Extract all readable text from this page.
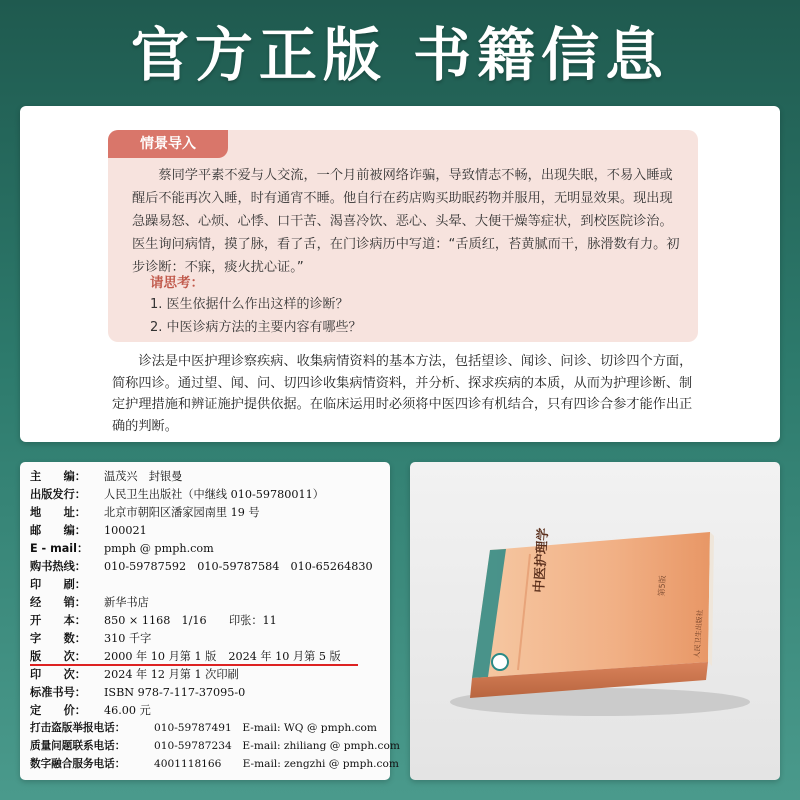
官方正版 书籍信息
情景导入
蔡同学平素不爱与人交流，一个月前被网络诈骗，导致情志不畅，出现失眠，不易入睡或醒后不能再次入睡，时有通宵不睡。他自行在药店购买助眠药物并服用，无明显效果。现出现急躁易怒、心烦、心悸、口干苦、渴喜冷饮、恶心、头晕、大便干燥等症状，到校医院诊治。医生询问病情，摸了脉，看了舌，在门诊病历中写道：“舌质红，苔黄腻而干，脉滑数有力。初步诊断：不寐，痰火扰心证。”
请思考：
1. 医生依据什么作出这样的诊断？
2. 中医诊病方法的主要内容有哪些？
诊法是中医护理诊察疾病、收集病情资料的基本方法，包括望诊、闻诊、问诊、切诊四个方面，简称四诊。通过望、闻、问、切四诊收集病情资料，并分析、探求疾病的本质，从而为护理诊断、制定护理措施和辨证施护提供依据。在临床运用时必须将中医四诊有机结合，只有四诊合参才能作出正确的判断。
主　　编： 温茂兴　封银曼
出版发行： 人民卫生出版社（中继线 010-59780011）
地　　址： 北京市朝阳区潘家园南里 19 号
邮　　编： 100021
E - mail： pmph @ pmph.com
购书热线： 010-59787592　010-59787584　010-65264830
印　　刷：
经　　销： 新华书店
开　　本： 850 × 1168　1/16　　印张：11
字　　数： 310 千字
版　　次： 2000 年 10 月第 1 版 2024 年 10 月第 5 版
印　　次： 2024 年 12 月第 1 次印刷
标准书号： ISBN 978-7-117-37095-0
定　　价： 46.00 元
打击盗版举报电话：	010-59787491　E-mail: WQ @ pmph.com
质量问题联系电话：	010-59787234　E-mail: zhiliang @ pmph.com
数字融合服务电话：	4001118166　　E-mail: zengzhi @ pmph.com
中医护理学	第5版
人民卫生出版社
